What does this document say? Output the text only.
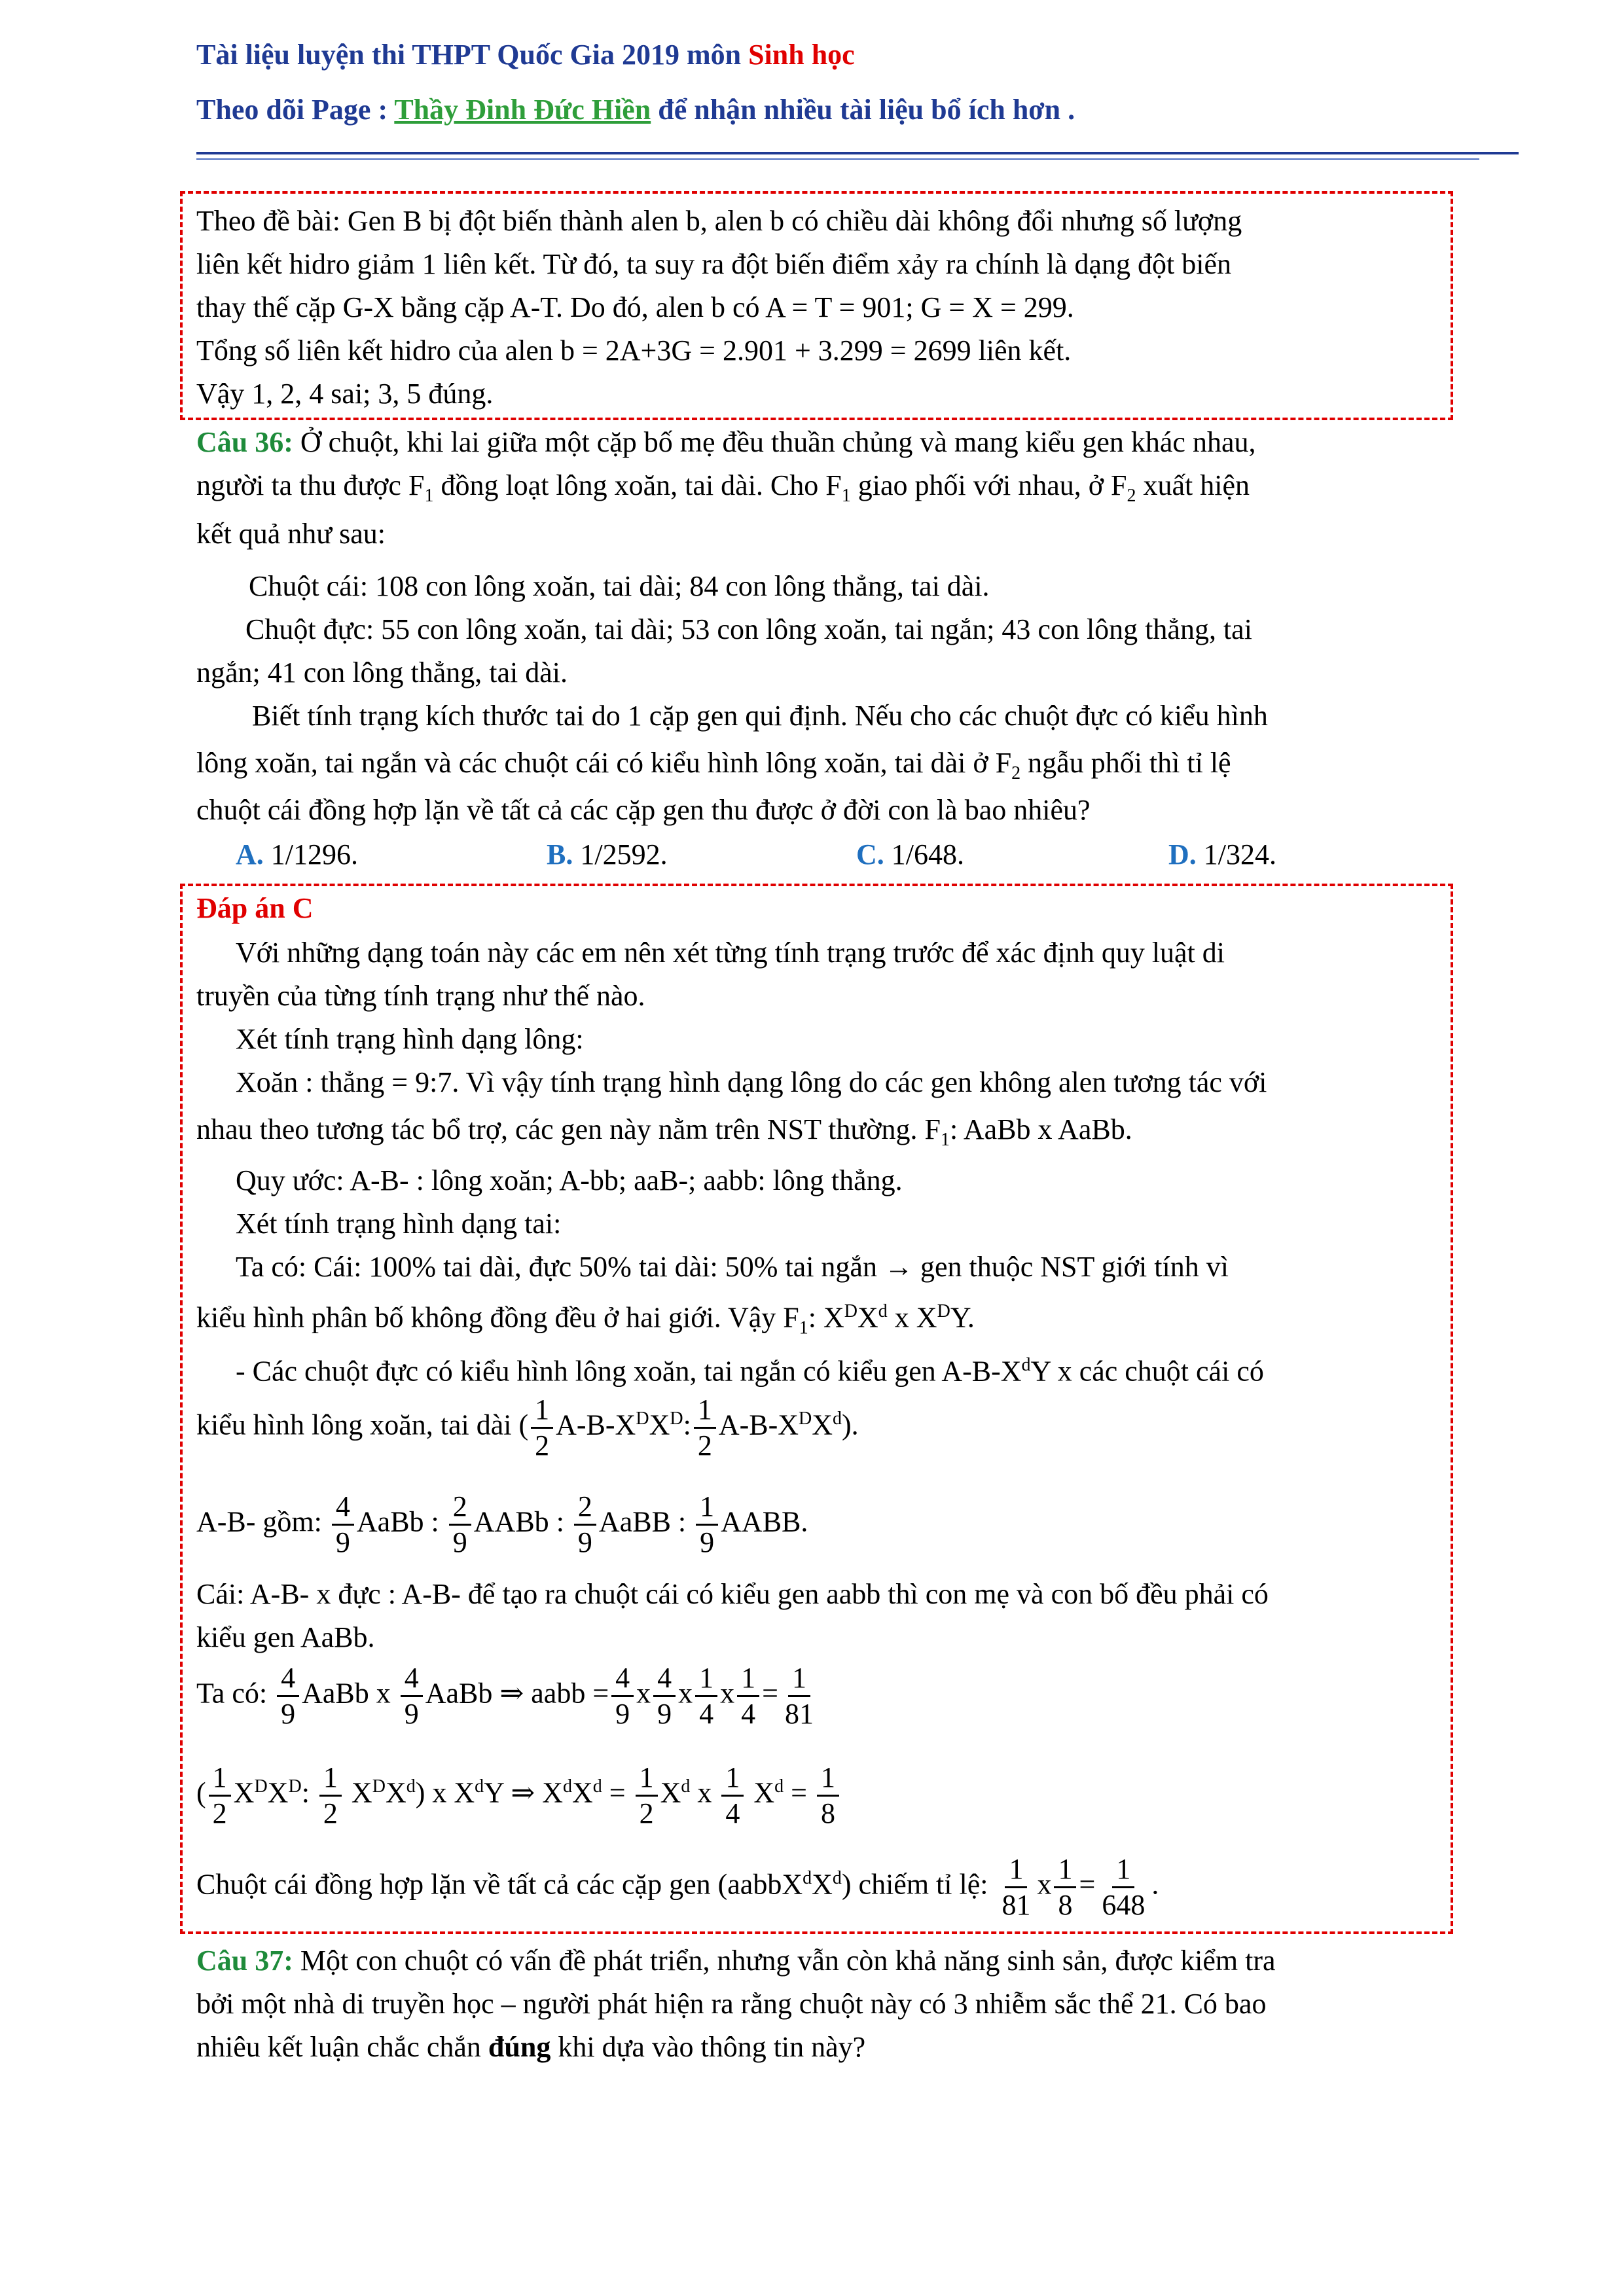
Tài liệu luyện thi THPT Quốc Gia 2019 môn Sinh học
Theo dõi Page : Thầy Đinh Đức Hiền để nhận nhiều tài liệu bổ ích hơn .
Theo đề bài: Gen B bị đột biến thành alen b, alen b có chiều dài không đổi nhưng số lượng
liên kết hidro giảm 1 liên kết. Từ đó, ta suy ra đột biến điểm xảy ra chính là dạng đột biến
thay thế cặp G-X bằng cặp A-T. Do đó, alen b có A = T = 901; G = X = 299.
Tổng số liên kết hidro của alen b = 2A+3G = 2.901 + 3.299 = 2699 liên kết.
Vậy 1, 2, 4 sai; 3, 5 đúng.
Câu 36: Ở chuột, khi lai giữa một cặp bố mẹ đều thuần chủng và mang kiểu gen khác nhau,
người ta thu được $F_1$ đồng loạt lông xoăn, tai dài. Cho $F_1$ giao phối với nhau, ở $F_2$ xuất hiện
kết quả như sau:
Chuột cái: 108 con lông xoăn, tai dài; 84 con lông thẳng, tai dài.
Chuột đực: 55 con lông xoăn, tai dài; 53 con lông xoăn, tai ngắn; 43 con lông thẳng, tai
ngắn; 41 con lông thẳng, tai dài.
Biết tính trạng kích thước tai do 1 cặp gen qui định. Nếu cho các chuột đực có kiểu hình
lông xoăn, tai ngắn và các chuột cái có kiểu hình lông xoăn, tai dài ở $F_2$ ngẫu phối thì tỉ lệ
chuột cái đồng hợp lặn về tất cả các cặp gen thu được ở đời con là bao nhiêu?
A. 1/1296.	B. 1/2592.	C. 1/648.	D. 1/324.
Đáp án C
Với những dạng toán này các em nên xét từng tính trạng trước để xác định quy luật di
truyền của từng tính trạng như thế nào.
Xét tính trạng hình dạng lông:
Xoăn : thẳng = 9:7. Vì vậy tính trạng hình dạng lông do các gen không alen tương tác với
nhau theo tương tác bổ trợ, các gen này nằm trên NST thường. $F_1$: AaBb x AaBb.
Quy ước: A-B- : lông xoăn; A-bb; aaB-; aabb: lông thẳng.
Xét tính trạng hình dạng tai:
Ta có: Cái: 100% tai dài, đực 50% tai dài: 50% tai ngắn → gen thuộc NST giới tính vì
kiểu hình phân bố không đồng đều ở hai giới. Vậy $F_1$: $X^DX^d$ x $X^DY$.
- Các chuột đực có kiểu hình lông xoăn, tai ngắn có kiểu gen $A-B-X^dY$ x các chuột cái có
kiểu hình lông xoăn, tai dài ( $\frac{1}{2} A-B-X^DX^D$: $\frac{1}{2} A-B-X^DX^d$).
A-B- gồm: $\frac{4}{9}$ AaBb : $\frac{2}{9}$ AABb : $\frac{2}{9}$ AaBB : $\frac{1}{9}$ AABB.
Cái: A-B- x đực : A-B- để tạo ra chuột cái có kiểu gen aabb thì con mẹ và con bố đều phải có
kiểu gen AaBb.
Ta có: $\frac{4}{9}$ AaBb x $\frac{4}{9}$ AaBb ⇒ aabb = $\frac{4}{9}$ x $\frac{4}{9}$ x $\frac{1}{4}$ x $\frac{1}{4} = \frac{1}{81}$
( $\frac{1}{2} X^DX^D$: $\frac{1}{2} X^DX^d$) x $X^dY$ ⇒ $X^dX^d = \frac{1}{2} X^d$ x $\frac{1}{4} X^d = \frac{1}{8}$
Chuột cái đồng hợp lặn về tất cả các cặp gen $(aabbX^dX^d)$ chiếm tỉ lệ: $\frac{1}{81}$ x $\frac{1}{8} = \frac{1}{648}$ .
Câu 37: Một con chuột có vấn đề phát triển, nhưng vẫn còn khả năng sinh sản, được kiểm tra
bởi một nhà di truyền học – người phát hiện ra rằng chuột này có 3 nhiễm sắc thể 21. Có bao
nhiêu kết luận chắc chắn đúng khi dựa vào thông tin này?
